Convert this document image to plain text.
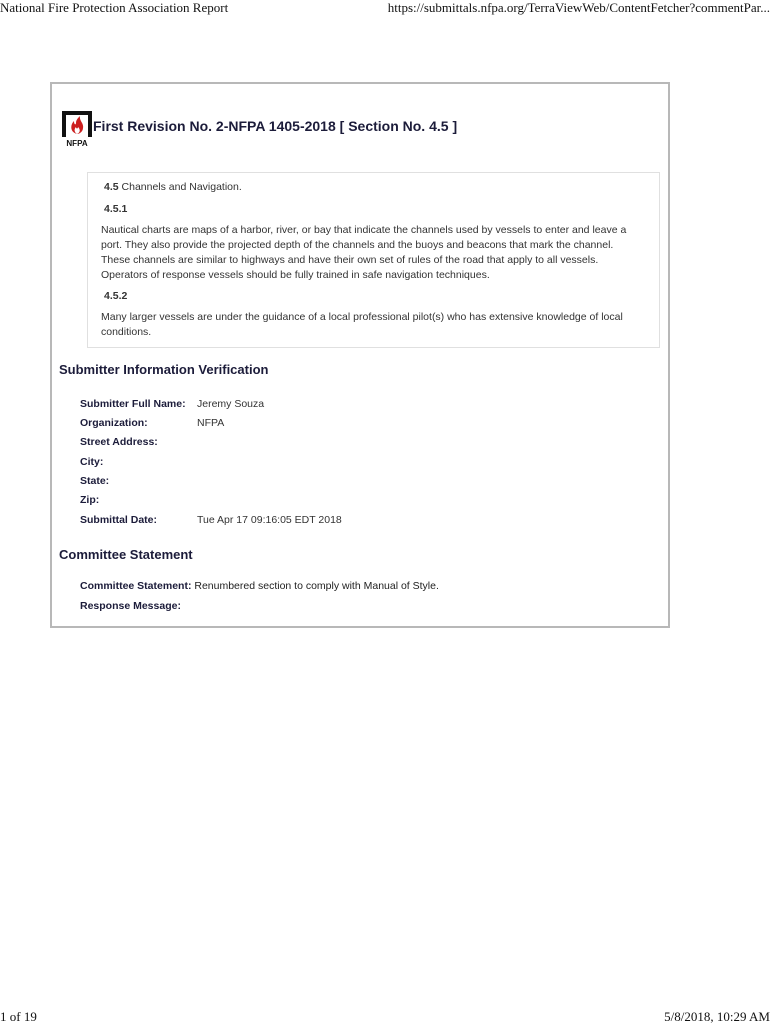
National Fire Protection Association Report	https://submittals.nfpa.org/TerraViewWeb/ContentFetcher?commentPar...
NFPA
First Revision No. 2-NFPA 1405-2018 [ Section No. 4.5 ]
4.5 Channels and Navigation.
4.5.1
Nautical charts are maps of a harbor, river, or bay that indicate the channels used by vessels to enter and leave a port. They also provide the projected depth of the channels and the buoys and beacons that mark the channel. These channels are similar to highways and have their own set of rules of the road that apply to all vessels. Operators of response vessels should be fully trained in safe navigation techniques.
4.5.2
Many larger vessels are under the guidance of a local professional pilot(s) who has extensive knowledge of local conditions.
Submitter Information Verification
Submitter Full Name: Jeremy Souza
Organization:	NFPA
Street Address:
City:
State:
Zip:
Submittal Date:	Tue Apr 17 09:16:05 EDT 2018
Committee Statement
Committee Statement: Renumbered section to comply with Manual of Style.
Response Message:
1 of 19	5/8/2018, 10:29 AM
